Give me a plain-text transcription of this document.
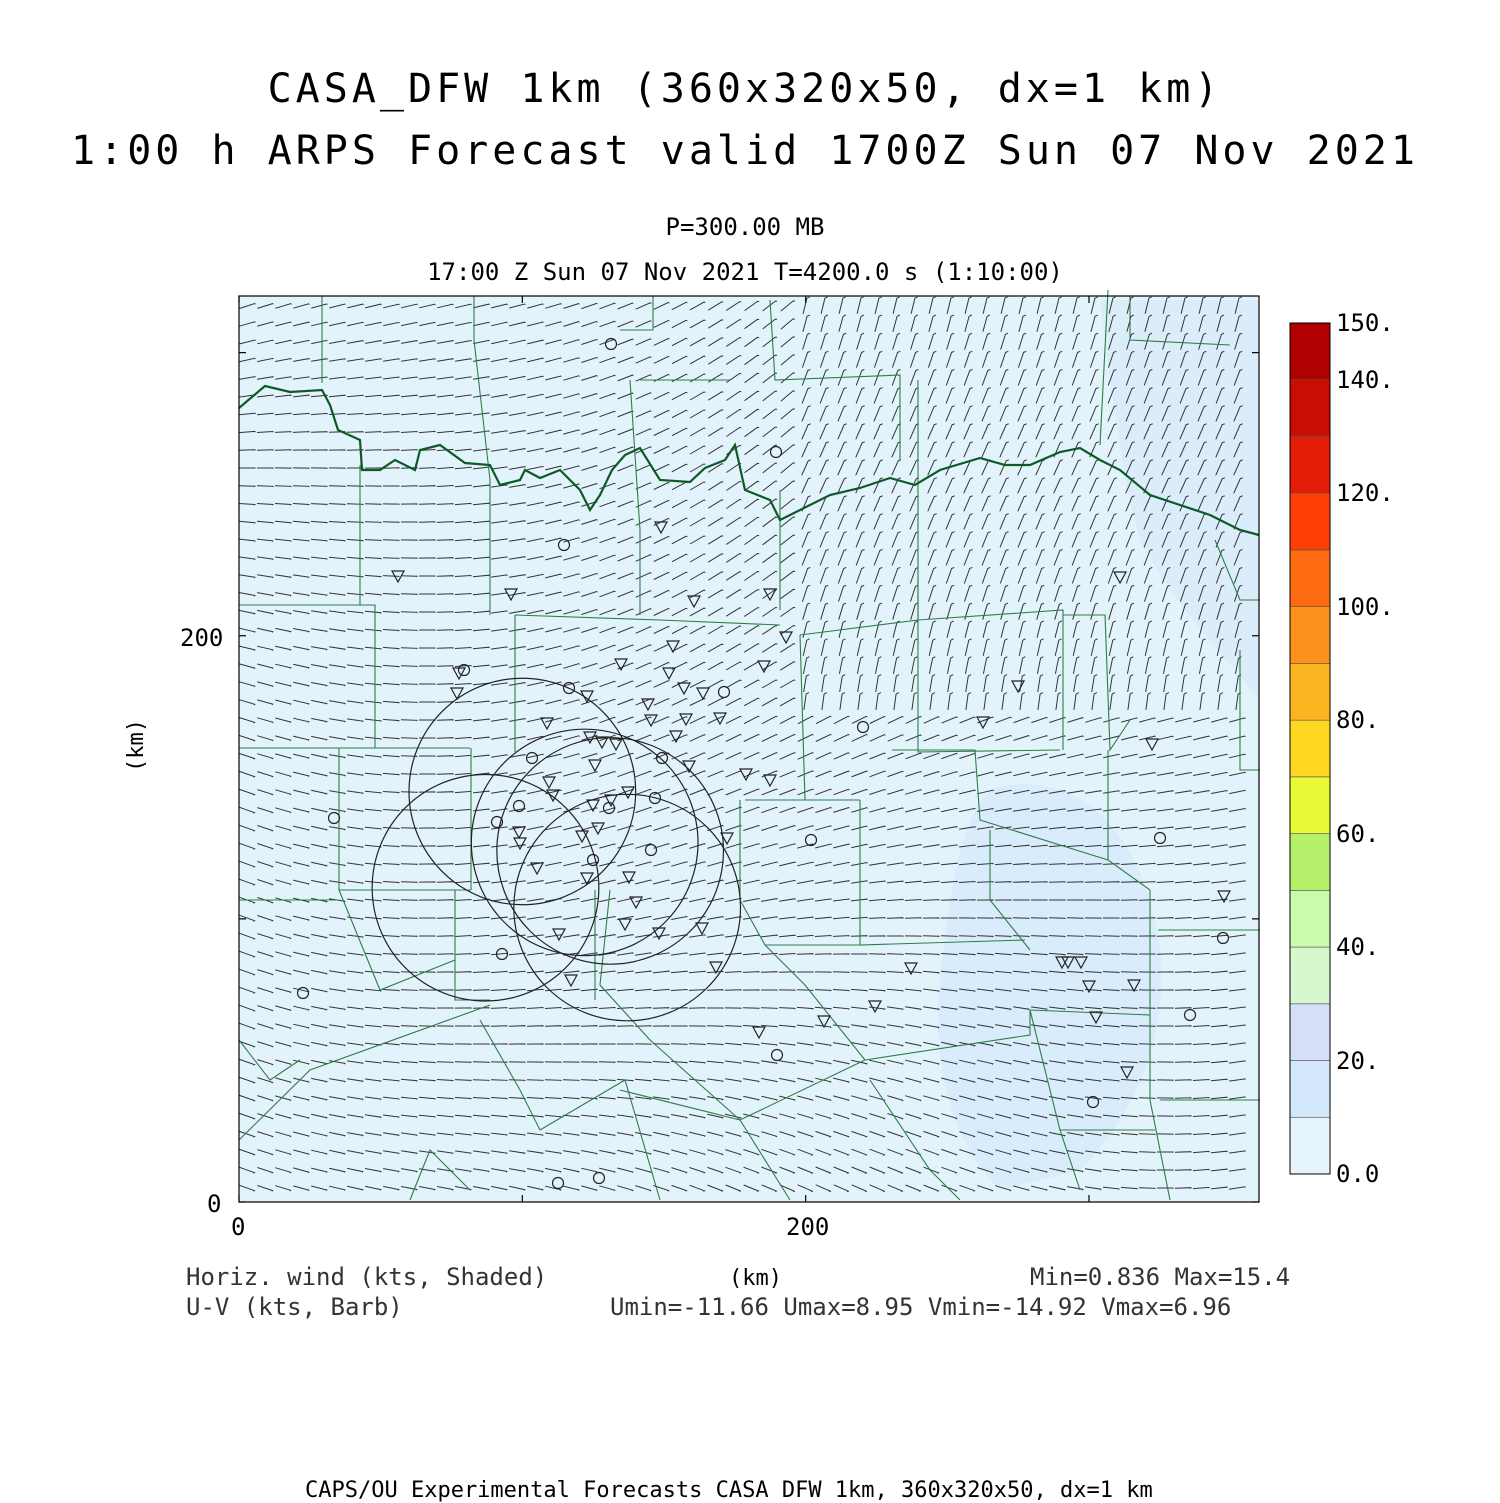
CASA_DFW 1km (360x320x50, dx=1 km)
1:00 h ARPS Forecast valid 1700Z Sun 07 Nov 2021
P=300.00 MB
17:00 Z Sun 07 Nov 2021 T=4200.0 s (1:10:00)
200
0
0	200
(km)
150.
140.
120.
100.
80.
60.
40.
20.
0.0
Horiz. wind (kts, Shaded)
U-V (kts, Barb)
(km)	Min=0.836 Max=15.4
Umin=-11.66 Umax=8.95 Vmin=-14.92 Vmax=6.96
CAPS/OU Experimental Forecasts CASA DFW 1km, 360x320x50, dx=1 km
